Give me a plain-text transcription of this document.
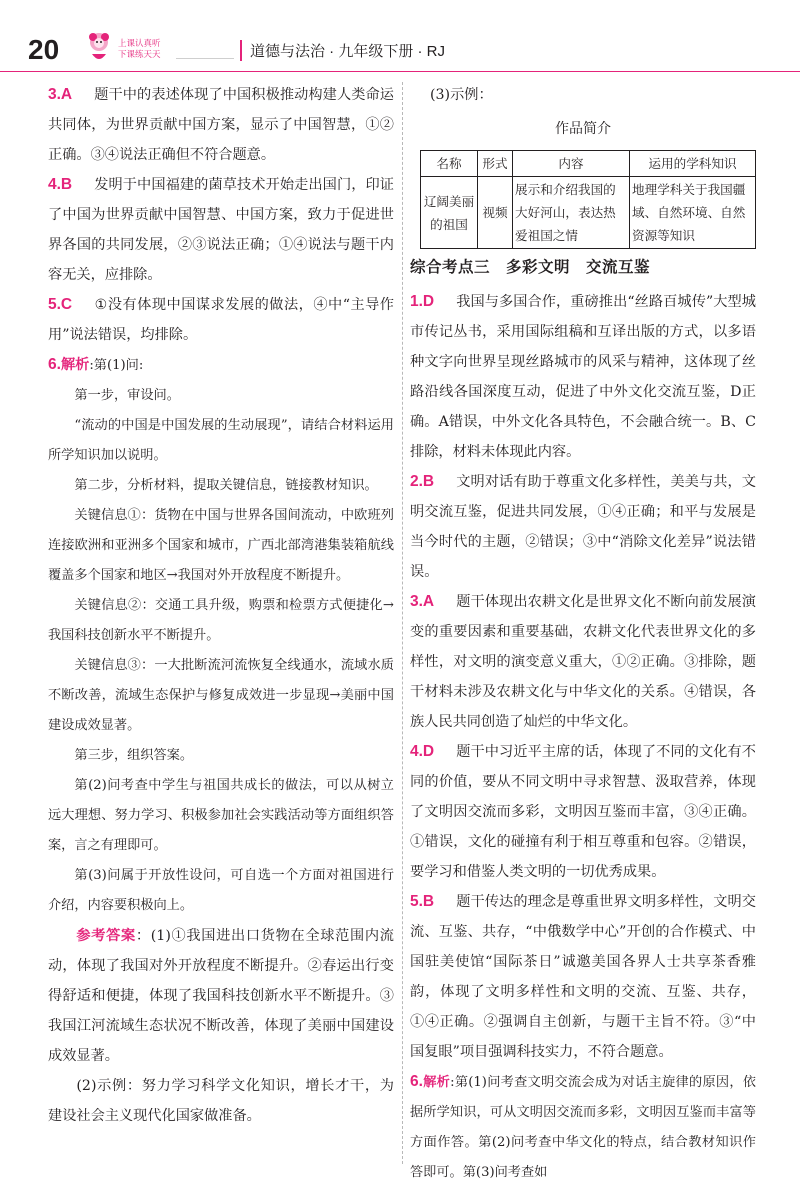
20	上课认真听
下课练天天	道德与法治 · 九年级下册 · RJ

3.A 题干中的表述体现了中国积极推动构建人类命运共同体，为世界贡献中国方案，显示了中国智慧，①②正确。③④说法正确但不符合题意。

4.B 发明于中国福建的菌草技术开始走出国门，印证了中国为世界贡献中国智慧、中国方案，致力于促进世界各国的共同发展，②③说法正确；①④说法与题干内容无关，应排除。

5.C ①没有体现中国谋求发展的做法，④中“主导作用”说法错误，均排除。

6.解析:第(1)问:

第一步，审设问。

“流动的中国是中国发展的生动展现”，请结合材料运用所学知识加以说明。

第二步，分析材料，提取关键信息，链接教材知识。

关键信息①：货物在中国与世界各国间流动，中欧班列连接欧洲和亚洲多个国家和城市，广西北部湾港集装箱航线覆盖多个国家和地区→我国对外开放程度不断提升。

关键信息②：交通工具升级，购票和检票方式便捷化→我国科技创新水平不断提升。

关键信息③：一大批断流河流恢复全线通水，流域水质不断改善，流域生态保护与修复成效进一步显现→美丽中国建设成效显著。

第三步，组织答案。

第(2)问考查中学生与祖国共成长的做法，可以从树立远大理想、努力学习、积极参加社会实践活动等方面组织答案，言之有理即可。

第(3)问属于开放性设问，可自选一个方面对祖国进行介绍，内容要积极向上。

参考答案：(1)①我国进出口货物在全球范围内流动，体现了我国对外开放程度不断提升。②春运出行变得舒适和便捷，体现了我国科技创新水平不断提升。③我国江河流域生态状况不断改善，体现了美丽中国建设成效显著。

(2)示例：努力学习科学文化知识，增长才干，为建设社会主义现代化国家做准备。

(3)示例：

作品简介
名称	形式	内容	运用的学科知识
辽阔美丽的祖国	视频	展示和介绍我国的大好河山，表达热爱祖国之情	地理学科关于我国疆域、自然环境、自然资源等知识
综合考点三　多彩文明　交流互鉴

1.D 我国与多国合作，重磅推出“丝路百城传”大型城市传记丛书，采用国际组稿和互译出版的方式，以多语种文字向世界呈现丝路城市的风采与精神，这体现了丝路沿线各国深度互动，促进了中外文化交流互鉴，D正确。A错误，中外文化各具特色，不会融合统一。B、C排除，材料未体现此内容。

2.B 文明对话有助于尊重文化多样性，美美与共，文明交流互鉴，促进共同发展，①④正确；和平与发展是当今时代的主题，②错误；③中“消除文化差异”说法错误。

3.A 题干体现出农耕文化是世界文化不断向前发展演变的重要因素和重要基础，农耕文化代表世界文化的多样性，对文明的演变意义重大，①②正确。③排除，题干材料未涉及农耕文化与中华文化的关系。④错误，各族人民共同创造了灿烂的中华文化。

4.D 题干中习近平主席的话，体现了不同的文化有不同的价值，要从不同文明中寻求智慧、汲取营养，体现了文明因交流而多彩，文明因互鉴而丰富，③④正确。①错误，文化的碰撞有利于相互尊重和包容。②错误，要学习和借鉴人类文明的一切优秀成果。

5.B 题干传达的理念是尊重世界文明多样性，文明交流、互鉴、共存，“中俄数学中心”开创的合作模式、中国驻美使馆“国际茶日”诚邀美国各界人士共享茶香雅韵，体现了文明多样性和文明的交流、互鉴、共存，①④正确。②强调自主创新，与题干主旨不符。③“中国复眼”项目强调科技实力，不符合题意。

6.解析:第(1)问考查文明交流会成为对话主旋律的原因，依据所学知识，可从文明因交流而多彩，文明因互鉴而丰富等方面作答。第(2)问考查中华文化的特点，结合教材知识作答即可。第(3)问考查如
